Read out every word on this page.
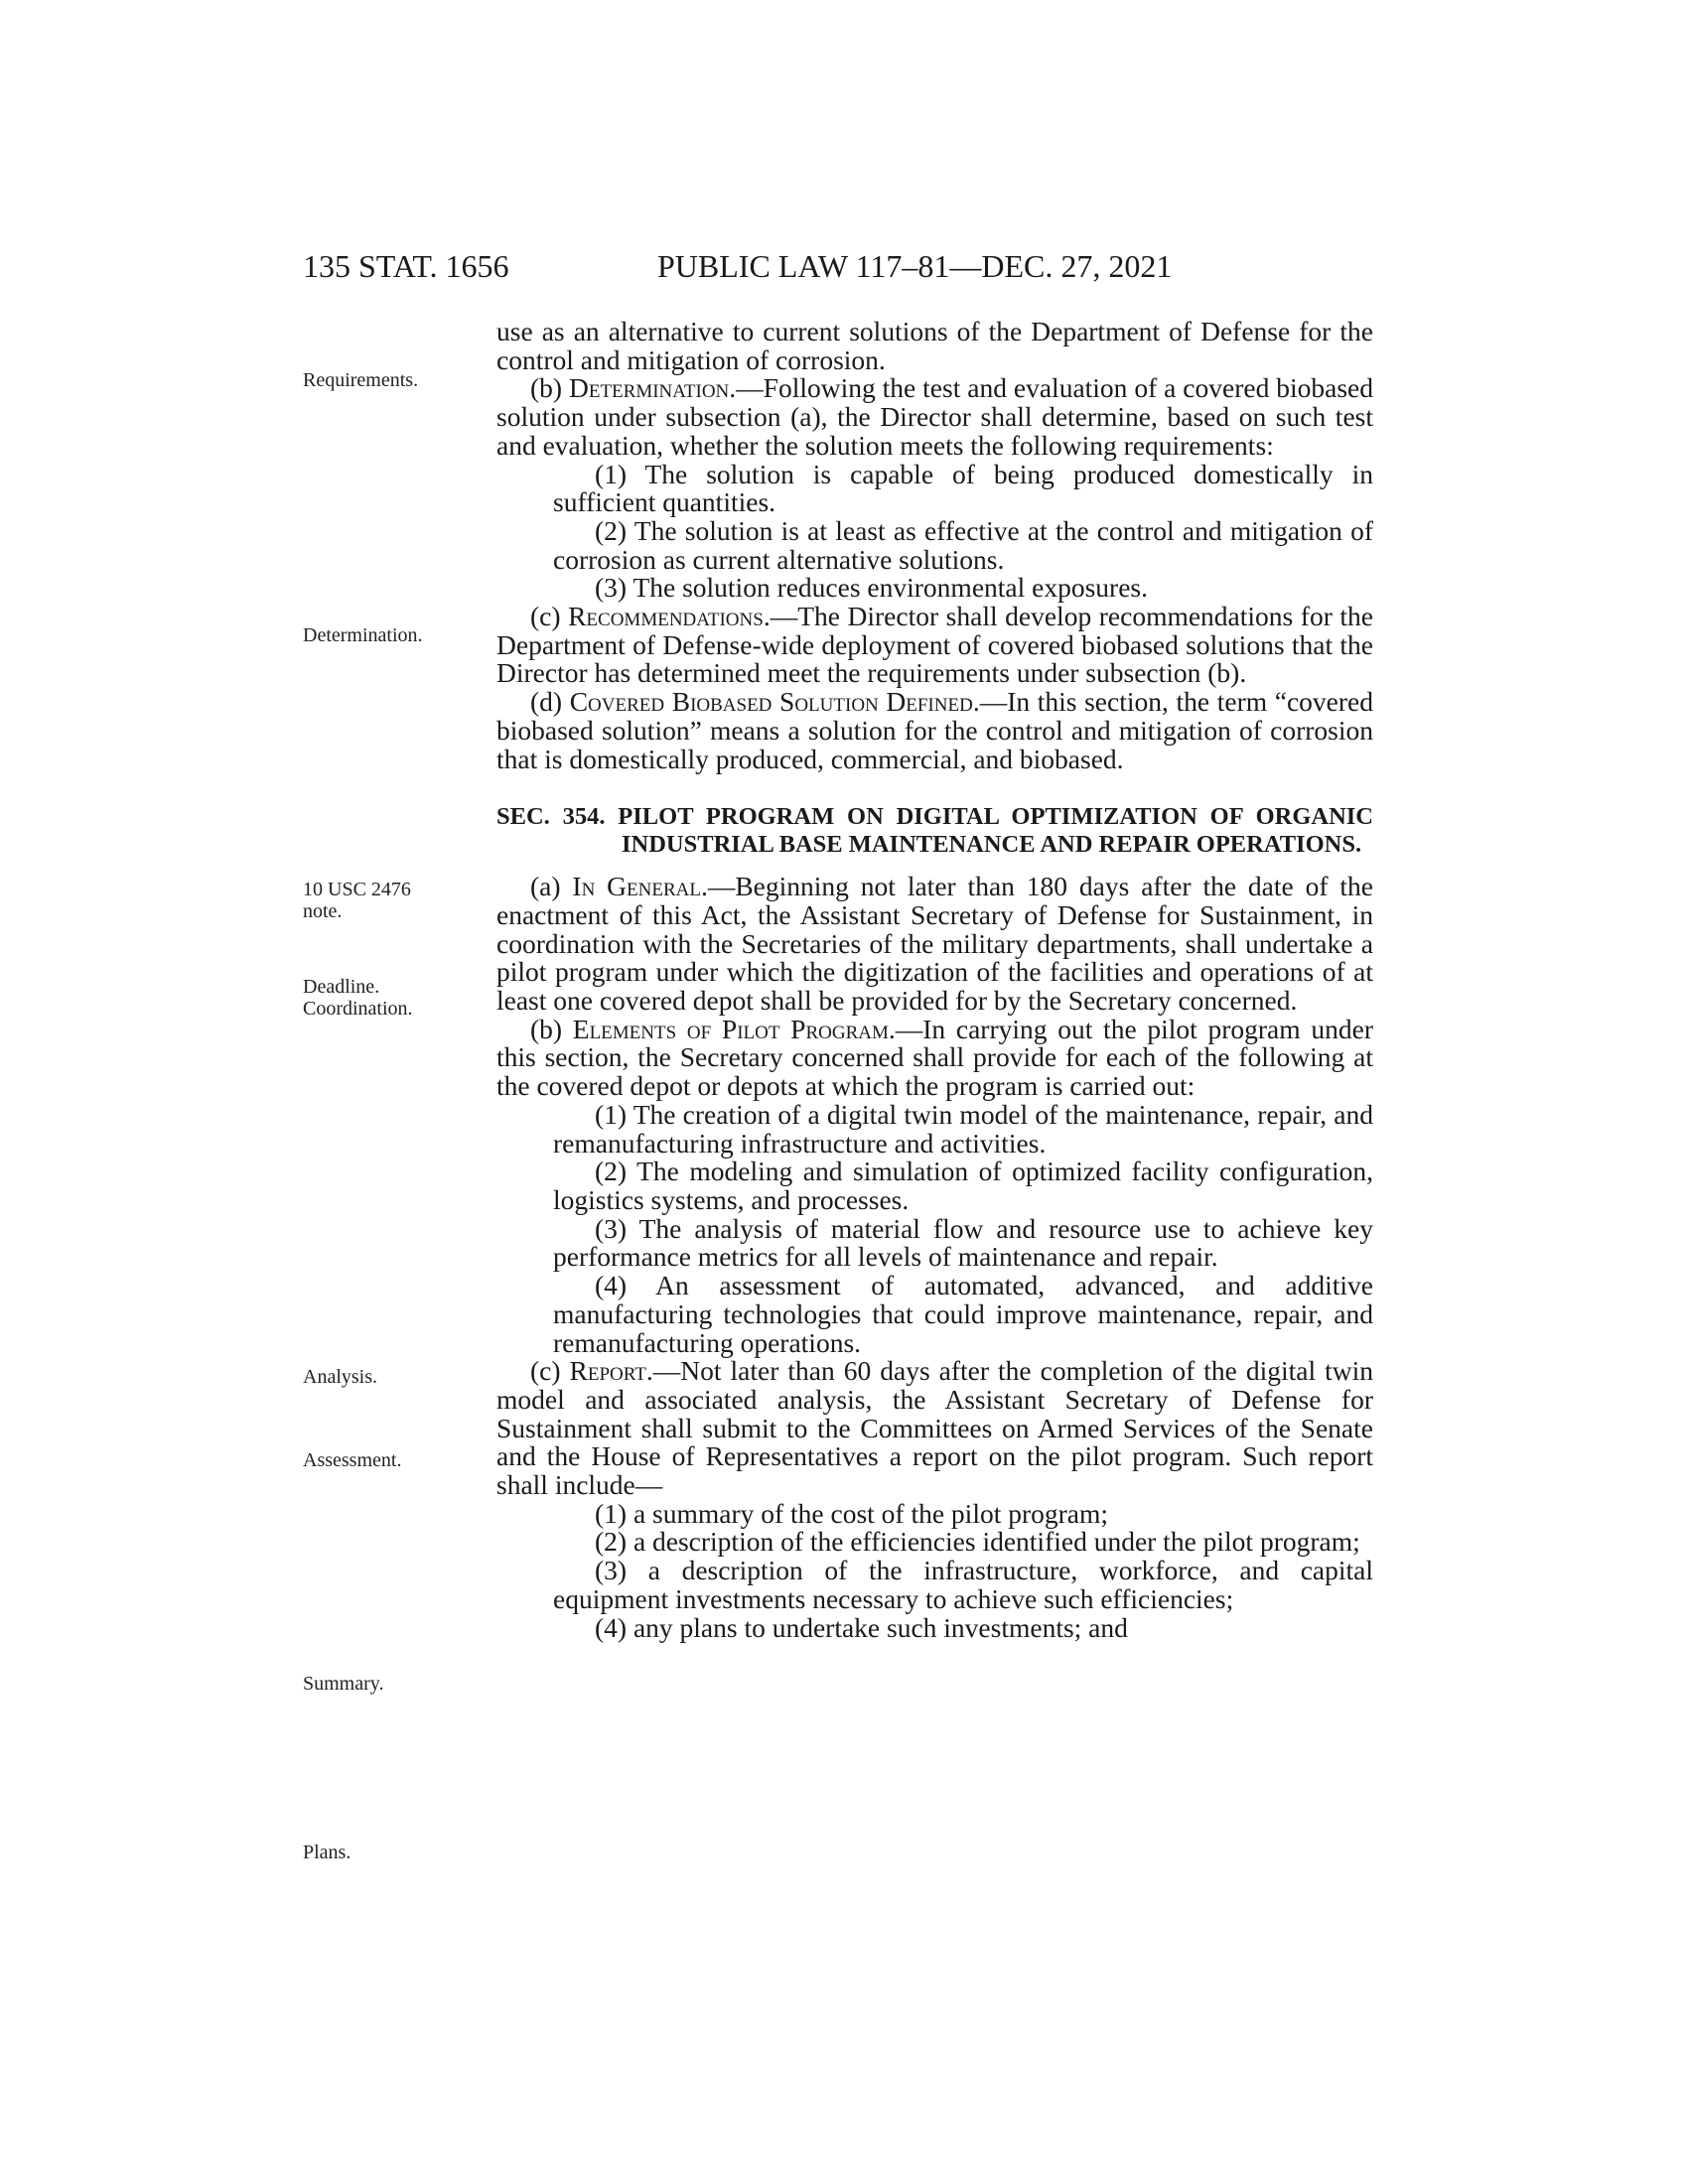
135 STAT. 1656	PUBLIC LAW 117–81—DEC. 27, 2021
Requirements.
Determination.
10 USC 2476 note.
Deadline.
Coordination.
Analysis.
Assessment.
Summary.
Plans.

use as an alternative to current solutions of the Department of Defense for the control and mitigation of corrosion.

(b) Determination.—Following the test and evaluation of a covered biobased solution under subsection (a), the Director shall determine, based on such test and evaluation, whether the solution meets the following requirements:

(1) The solution is capable of being produced domestically in sufficient quantities.

(2) The solution is at least as effective at the control and mitigation of corrosion as current alternative solutions.

(3) The solution reduces environmental exposures.

(c) Recommendations.—The Director shall develop recommendations for the Department of Defense-wide deployment of covered biobased solutions that the Director has determined meet the requirements under subsection (b).

(d) Covered Biobased Solution Defined.—In this section, the term “covered biobased solution” means a solution for the control and mitigation of corrosion that is domestically produced, commercial, and biobased.

SEC. 354. PILOT PROGRAM ON DIGITAL OPTIMIZATION OF ORGANIC INDUSTRIAL BASE MAINTENANCE AND REPAIR OPERATIONS.

(a) In General.—Beginning not later than 180 days after the date of the enactment of this Act, the Assistant Secretary of Defense for Sustainment, in coordination with the Secretaries of the military departments, shall undertake a pilot program under which the digitization of the facilities and operations of at least one covered depot shall be provided for by the Secretary concerned.

(b) Elements of Pilot Program.—In carrying out the pilot program under this section, the Secretary concerned shall provide for each of the following at the covered depot or depots at which the program is carried out:

(1) The creation of a digital twin model of the maintenance, repair, and remanufacturing infrastructure and activities.

(2) The modeling and simulation of optimized facility configuration, logistics systems, and processes.

(3) The analysis of material flow and resource use to achieve key performance metrics for all levels of maintenance and repair.

(4) An assessment of automated, advanced, and additive manufacturing technologies that could improve maintenance, repair, and remanufacturing operations.

(c) Report.—Not later than 60 days after the completion of the digital twin model and associated analysis, the Assistant Secretary of Defense for Sustainment shall submit to the Committees on Armed Services of the Senate and the House of Representatives a report on the pilot program. Such report shall include—

(1) a summary of the cost of the pilot program;

(2) a description of the efficiencies identified under the pilot program;

(3) a description of the infrastructure, workforce, and capital equipment investments necessary to achieve such efficiencies;

(4) any plans to undertake such investments; and
